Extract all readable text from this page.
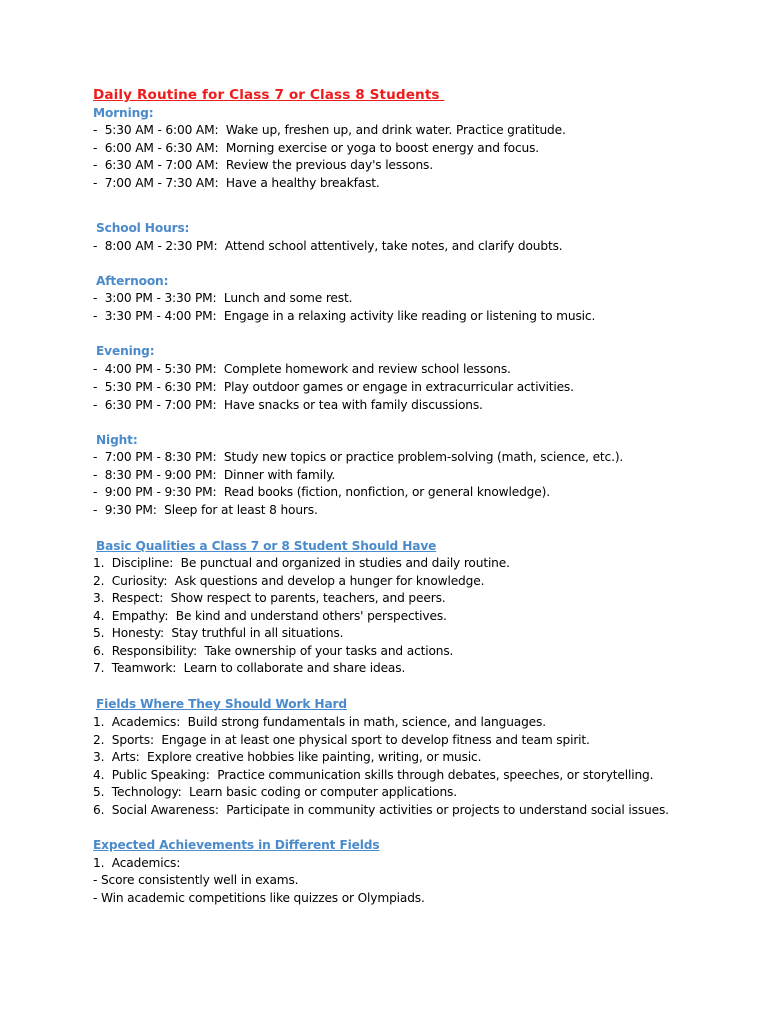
Daily Routine for Class 7 or Class 8 Students
Morning:
-  5:30 AM - 6:00 AM:  Wake up, freshen up, and drink water. Practice gratitude.
-  6:00 AM - 6:30 AM:  Morning exercise or yoga to boost energy and focus.
-  6:30 AM - 7:00 AM:  Review the previous day's lessons.
-  7:00 AM - 7:30 AM:  Have a healthy breakfast.
School Hours:
-  8:00 AM - 2:30 PM:  Attend school attentively, take notes, and clarify doubts.
Afternoon:
-  3:00 PM - 3:30 PM:  Lunch and some rest.
-  3:30 PM - 4:00 PM:  Engage in a relaxing activity like reading or listening to music.
Evening:
-  4:00 PM - 5:30 PM:  Complete homework and review school lessons.
-  5:30 PM - 6:30 PM:  Play outdoor games or engage in extracurricular activities.
-  6:30 PM - 7:00 PM:  Have snacks or tea with family discussions.
Night:
-  7:00 PM - 8:30 PM:  Study new topics or practice problem-solving (math, science, etc.).
-  8:30 PM - 9:00 PM:  Dinner with family.
-  9:00 PM - 9:30 PM:  Read books (fiction, nonfiction, or general knowledge).
-  9:30 PM:  Sleep for at least 8 hours.
Basic Qualities a Class 7 or 8 Student Should Have
1.  Discipline:  Be punctual and organized in studies and daily routine.
2.  Curiosity:  Ask questions and develop a hunger for knowledge.
3.  Respect:  Show respect to parents, teachers, and peers.
4.  Empathy:  Be kind and understand others' perspectives.
5.  Honesty:  Stay truthful in all situations.
6.  Responsibility:  Take ownership of your tasks and actions.
7.  Teamwork:  Learn to collaborate and share ideas.
Fields Where They Should Work Hard
1.  Academics:  Build strong fundamentals in math, science, and languages.
2.  Sports:  Engage in at least one physical sport to develop fitness and team spirit.
3.  Arts:  Explore creative hobbies like painting, writing, or music.
4.  Public Speaking:  Practice communication skills through debates, speeches, or storytelling.
5.  Technology:  Learn basic coding or computer applications.
6.  Social Awareness:  Participate in community activities or projects to understand social issues.
Expected Achievements in Different Fields
1.  Academics:
- Score consistently well in exams.
- Win academic competitions like quizzes or Olympiads.
